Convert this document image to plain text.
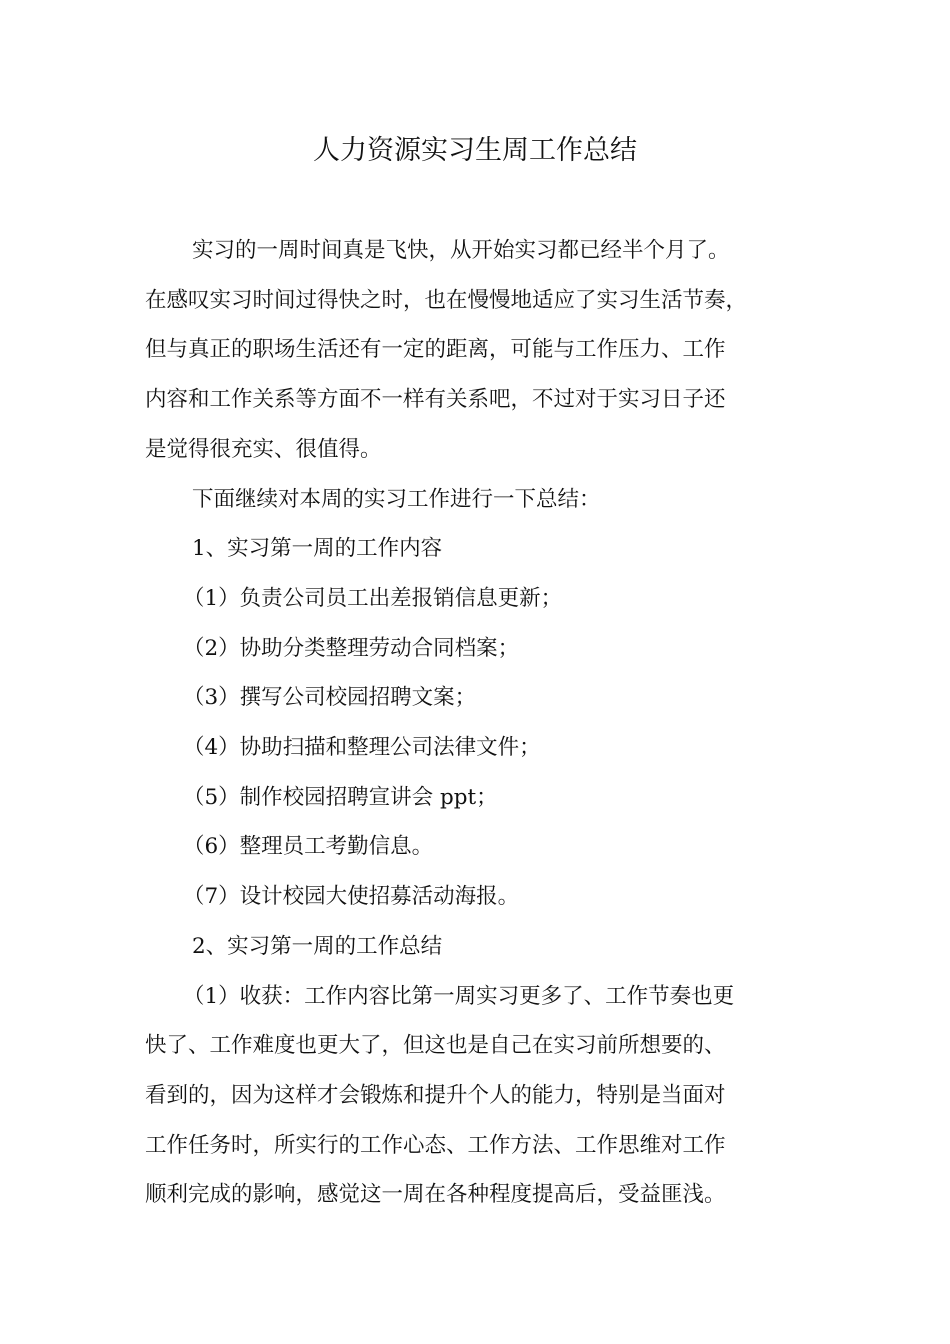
人力资源实习生周工作总结

实习的一周时间真是飞快，从开始实习都已经半个月了。

在感叹实习时间过得快之时，也在慢慢地适应了实习生活节奏，

但与真正的职场生活还有一定的距离，可能与工作压力、工作

内容和工作关系等方面不一样有关系吧，不过对于实习日子还

是觉得很充实、很值得。

下面继续对本周的实习工作进行一下总结：

1、实习第一周的工作内容

（1）负责公司员工出差报销信息更新；

（2）协助分类整理劳动合同档案；

（3）撰写公司校园招聘文案；

（4）协助扫描和整理公司法律文件；

（5）制作校园招聘宣讲会 ppt；

（6）整理员工考勤信息。

（7）设计校园大使招募活动海报。

2、实习第一周的工作总结

（1）收获：工作内容比第一周实习更多了、工作节奏也更

快了、工作难度也更大了，但这也是自己在实习前所想要的、

看到的，因为这样才会锻炼和提升个人的能力，特别是当面对

工作任务时，所实行的工作心态、工作方法、工作思维对工作

顺利完成的影响，感觉这一周在各种程度提高后，受益匪浅。
